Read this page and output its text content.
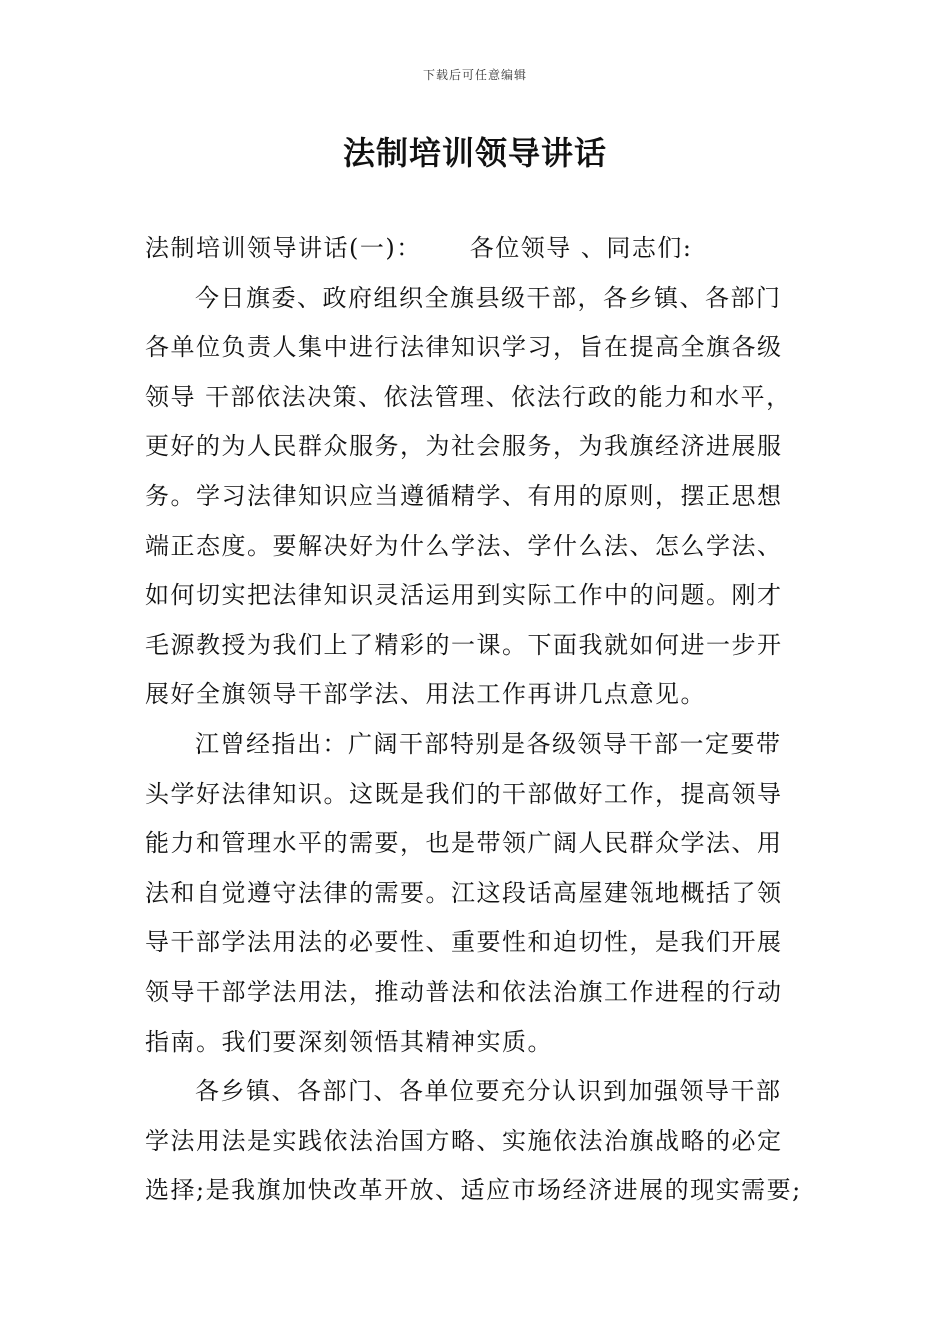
下载后可任意编辑
法制培训领导讲话
法制培训领导讲话(一)： 各位领导 、同志们:
今日旗委、政府组织全旗县级干部，各乡镇、各部门
各单位负责人集中进行法律知识学习，旨在提高全旗各级
领导 干部依法决策、依法管理、依法行政的能力和水平，
更好的为人民群众服务，为社会服务，为我旗经济进展服
务。学习法律知识应当遵循精学、有用的原则，摆正思想
端正态度。要解决好为什么学法、学什么法、怎么学法、
如何切实把法律知识灵活运用到实际工作中的问题。刚才
毛源教授为我们上了精彩的一课。下面我就如何进一步开
展好全旗领导干部学法、用法工作再讲几点意见。
江曾经指出：广阔干部特别是各级领导干部一定要带
头学好法律知识。这既是我们的干部做好工作，提高领导
能力和管理水平的需要，也是带领广阔人民群众学法、用
法和自觉遵守法律的需要。江这段话高屋建瓴地概括了领
导干部学法用法的必要性、重要性和迫切性，是我们开展
领导干部学法用法，推动普法和依法治旗工作进程的行动
指南。我们要深刻领悟其精神实质。
各乡镇、各部门、各单位要充分认识到加强领导干部
学法用法是实践依法治国方略、实施依法治旗战略的必定
选择;是我旗加快改革开放、适应市场经济进展的现实需要;
